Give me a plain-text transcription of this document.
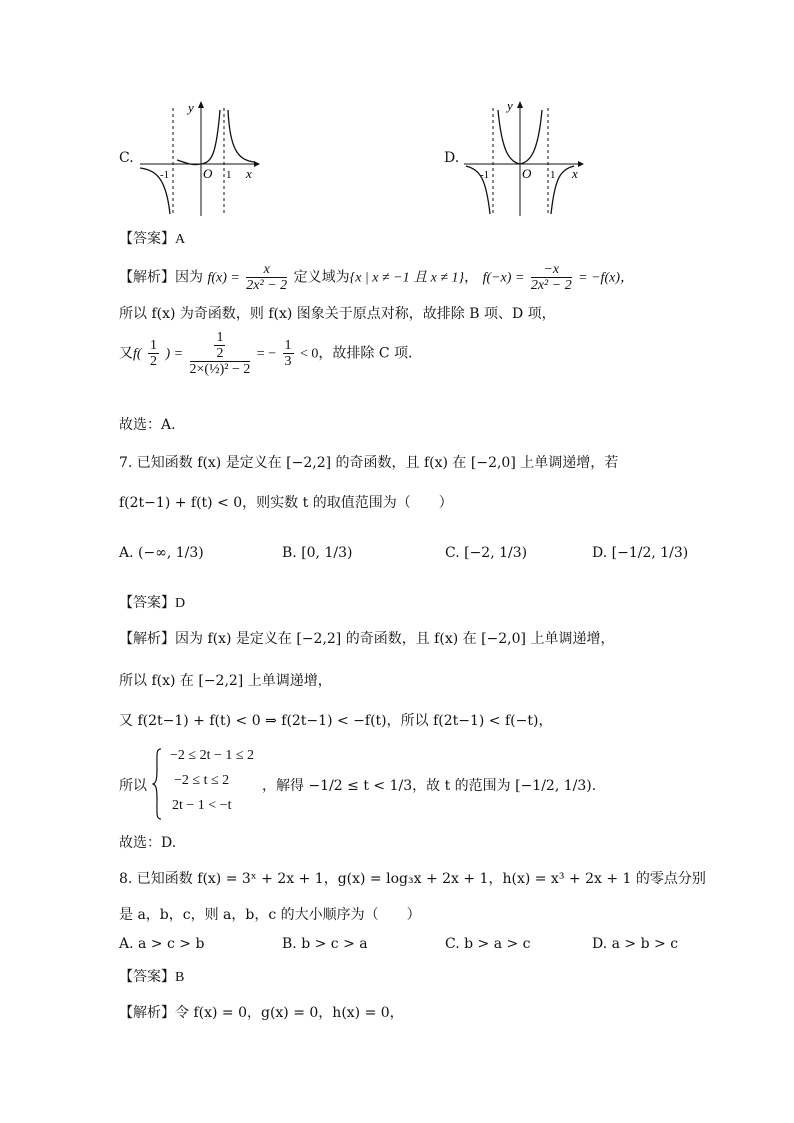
C.
y
x
O
-1	1
D.
y
x
O
-1	1
【答案】A
【解析】因为 $f(x) = \frac{x}{\text{2x² − 2}}$ 定义域为{x | x ≠ −1 且 x ≠ 1}， $f(-x) = \frac{-x}{\text{2x² − 2}} = -f(x)$，
所以 f(x) 为奇函数，则 f(x) 图象关于原点对称，故排除 B 项、D 项，
又$f( \frac{1}{2}$ ) = $\frac{\frac{1}{2}}{\text{2×(½)² − 2}}$ = − $\frac{1}{3} < 0$，故排除 C 项.
故选：A.
7. 已知函数 f(x) 是定义在 [−2,2] 的奇函数，且 f(x) 在 [−2,0] 上单调递增，若
f(2t−1) + f(t) < 0，则实数 t 的取值范围为（　　）
A. (−∞, 1/3)	B. [0, 1/3)	C. [−2, 1/3)	D. [−1/2, 1/3)
【答案】D
【解析】因为 f(x) 是定义在 [−2,2] 的奇函数，且 f(x) 在 [−2,0] 上单调递增，
所以 f(x) 在 [−2,2] 上单调递增，
又 f(2t−1) + f(t) < 0 ⇒ f(2t−1) < −f(t)，所以 f(2t−1) < f(−t)，
所以
−2 ≤ 2t − 1 ≤ 2
−2 ≤ t ≤ 2
2t − 1 < −t
，解得 −1/2 ≤ t < 1/3，故 t 的范围为 [−1/2, 1/3).
故选：D.
8. 已知函数 f(x) = 3ˣ + 2x + 1，g(x) = log₃x + 2x + 1，h(x) = x³ + 2x + 1 的零点分别
是 a，b，c，则 a，b，c 的大小顺序为（　　）
A. a > c > b	B. b > c > a	C. b > a > c	D. a > b > c
【答案】B
【解析】令 f(x) = 0，g(x) = 0，h(x) = 0，
